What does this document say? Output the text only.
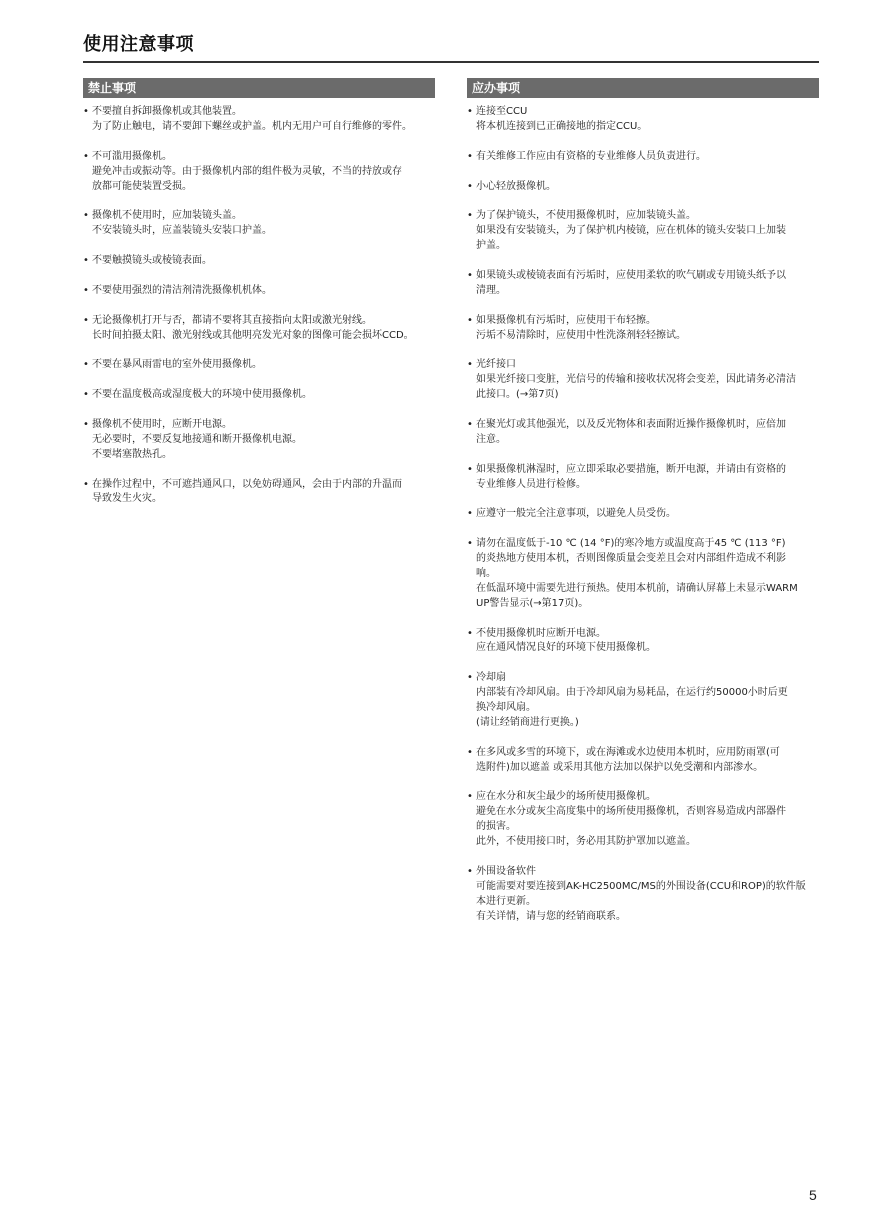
使用注意事项
禁止事项
• 不要擅自拆卸摄像机或其他装置。
为了防止触电，请不要卸下螺丝或护盖。机内无用户可自行维修的零件。
• 不可滥用摄像机。
避免冲击或振动等。由于摄像机内部的组件极为灵敏，不当的持放或存
放都可能使装置受损。
• 摄像机不使用时，应加装镜头盖。
不安装镜头时，应盖装镜头安装口护盖。
• 不要触摸镜头或棱镜表面。
• 不要使用强烈的清洁剂清洗摄像机机体。
• 无论摄像机打开与否，都请不要将其直接指向太阳或激光射线。
长时间拍摄太阳、激光射线或其他明亮发光对象的图像可能会损坏CCD。
• 不要在暴风雨雷电的室外使用摄像机。
• 不要在温度极高或湿度极大的环境中使用摄像机。
• 摄像机不使用时，应断开电源。
无必要时，不要反复地接通和断开摄像机电源。
不要堵塞散热孔。
• 在操作过程中，不可遮挡通风口，以免妨碍通风，会由于内部的升温而
导致发生火灾。
应办事项
• 连接至CCU
将本机连接到已正确接地的指定CCU。
• 有关维修工作应由有资格的专业维修人员负责进行。
• 小心轻放摄像机。
• 为了保护镜头，不使用摄像机时，应加装镜头盖。
如果没有安装镜头，为了保护机内棱镜，应在机体的镜头安装口上加装
护盖。
• 如果镜头或棱镜表面有污垢时，应使用柔软的吹气刷或专用镜头纸予以
清理。
• 如果摄像机有污垢时，应使用干布轻擦。
污垢不易清除时，应使用中性洗涤剂轻轻擦试。
• 光纤接口
如果光纤接口变脏，光信号的传输和接收状况将会变差，因此请务必清洁
此接口。(→第7页)
• 在聚光灯或其他强光，以及反光物体和表面附近操作摄像机时，应倍加
注意。
• 如果摄像机淋湿时，应立即采取必要措施，断开电源，并请由有资格的
专业维修人员进行检修。
• 应遵守一般完全注意事项，以避免人员受伤。
• 请勿在温度低于-10 ℃ (14 °F)的寒冷地方或温度高于45 ℃ (113 °F)
的炎热地方使用本机，否则图像质量会变差且会对内部组件造成不利影
响。
在低温环境中需要先进行预热。使用本机前，请确认屏幕上未显示WARM
UP警告显示(→第17页)。
• 不使用摄像机时应断开电源。
应在通风情况良好的环境下使用摄像机。
• 冷却扇
内部装有冷却风扇。由于冷却风扇为易耗品，在运行约50000小时后更
换冷却风扇。
(请让经销商进行更换。)
• 在多风或多雪的环境下，或在海滩或水边使用本机时，应用防雨罩(可
选附件)加以遮盖 或采用其他方法加以保护以免受潮和内部渗水。
• 应在水分和灰尘最少的场所使用摄像机。
避免在水分或灰尘高度集中的场所使用摄像机，否则容易造成内部器件
的损害。
此外，不使用接口时，务必用其防护罩加以遮盖。
• 外围设备软件
可能需要对要连接到AK-HC2500MC/MS的外围设备(CCU和ROP)的软件版
本进行更新。
有关详情，请与您的经销商联系。
5
